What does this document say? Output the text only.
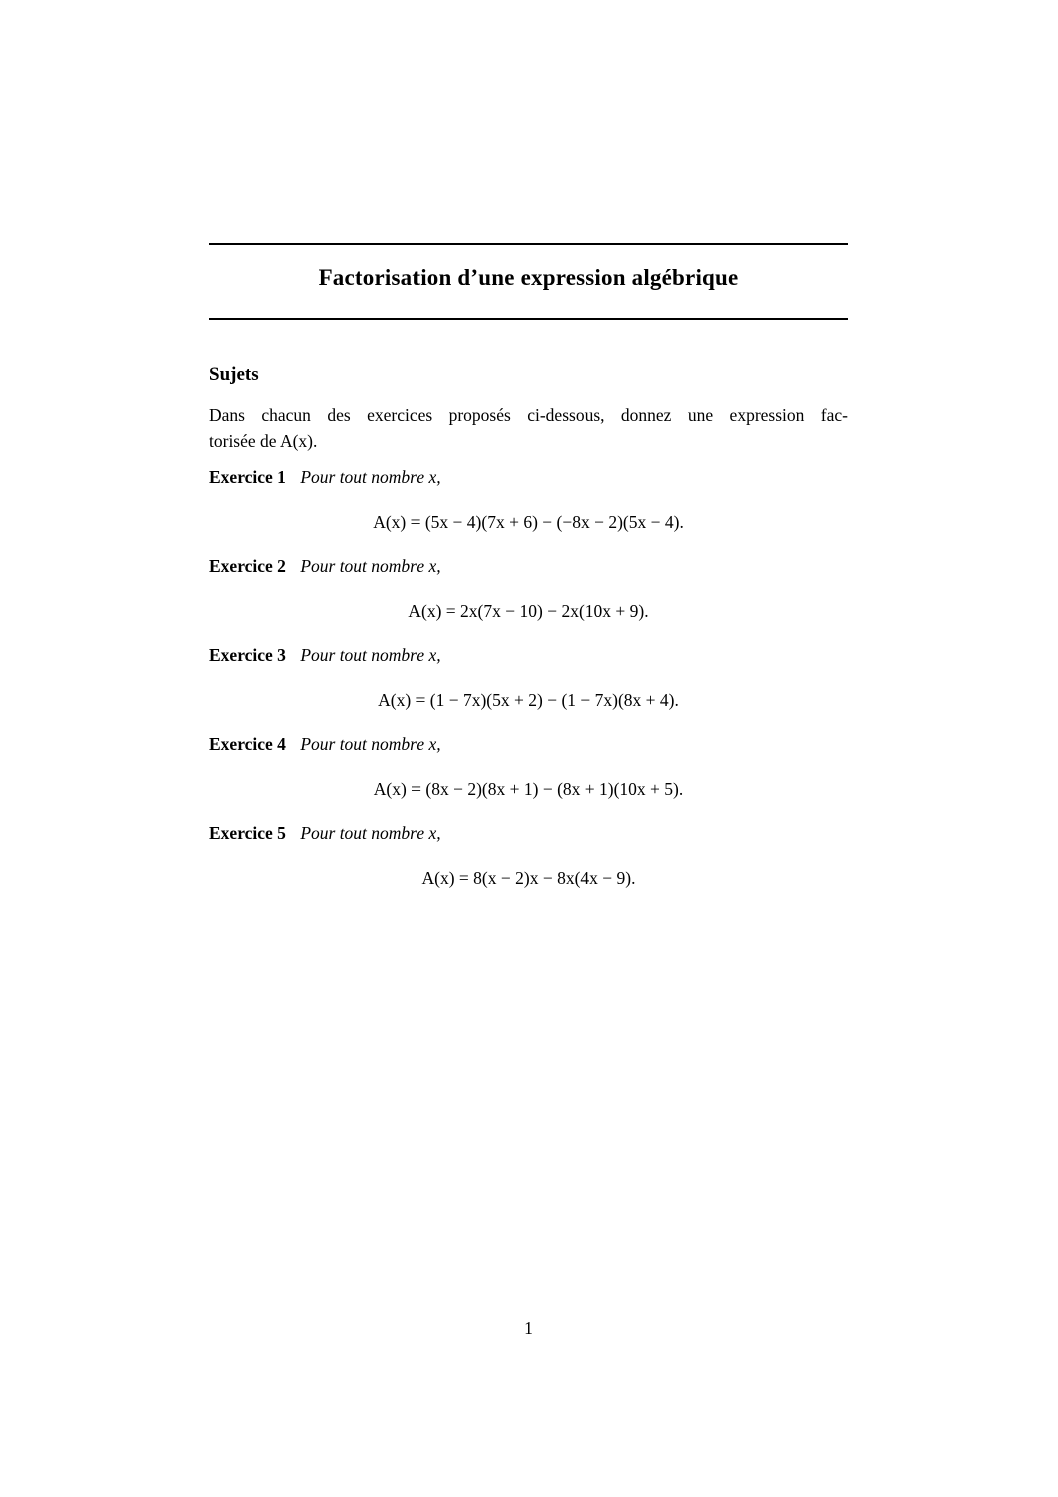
Factorisation d’une expression algébrique
Sujets
Dans chacun des exercices proposés ci-dessous, donnez une expression fac-
torisée de A(x).
Exercice 1 Pour tout nombre x,
A(x) = (5x − 4)(7x + 6) − (−8x − 2)(5x − 4).
Exercice 2 Pour tout nombre x,
A(x) = 2x(7x − 10) − 2x(10x + 9).
Exercice 3 Pour tout nombre x,
A(x) = (1 − 7x)(5x + 2) − (1 − 7x)(8x + 4).
Exercice 4 Pour tout nombre x,
A(x) = (8x − 2)(8x + 1) − (8x + 1)(10x + 5).
Exercice 5 Pour tout nombre x,
A(x) = 8(x − 2)x − 8x(4x − 9).
1
